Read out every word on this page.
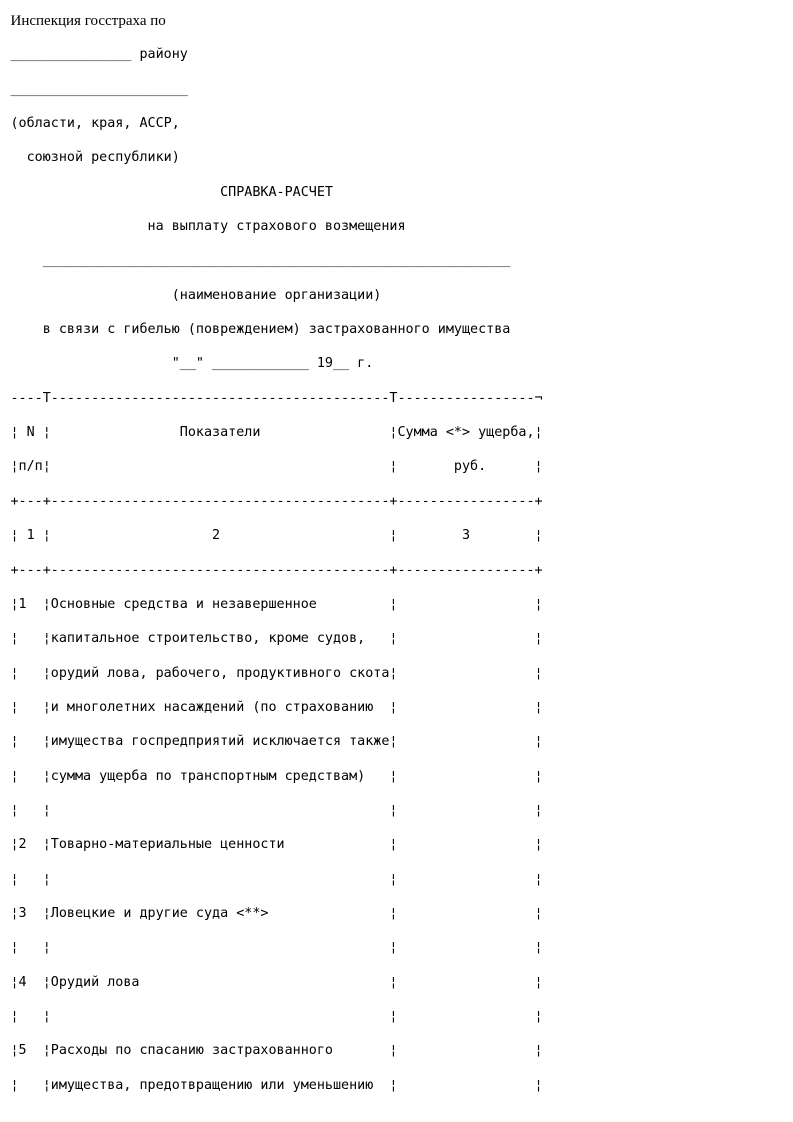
Инспекция госстраха по
_______________ району
______________________
(области, края, АССР,
союзной республики)
СПРАВКА-РАСЧЕТ
на выплату страхового возмещения
__________________________________________________________
(наименование организации)
в связи с гибелью (повреждением) застрахованного имущества
"__" ____________ 19__ г.
----Т------------------------------------------Т-----------------¬
¦ N ¦                Показатели                ¦Сумма <*> ущерба,¦
¦п/п¦                                          ¦       руб.      ¦
+---+------------------------------------------+-----------------+
¦ 1 ¦                    2                     ¦        3        ¦
+---+------------------------------------------+-----------------+
¦1  ¦Основные средства и незавершенное         ¦                 ¦
¦   ¦капитальное строительство, кроме судов,   ¦                 ¦
¦   ¦орудий лова, рабочего, продуктивного скота¦                 ¦
¦   ¦и многолетних насаждений (по страхованию  ¦                 ¦
¦   ¦имущества госпредприятий исключается также¦                 ¦
¦   ¦сумма ущерба по транспортным средствам)   ¦                 ¦
¦   ¦                                          ¦                 ¦
¦2  ¦Товарно-материальные ценности             ¦                 ¦
¦   ¦                                          ¦                 ¦
¦3  ¦Ловецкие и другие суда <**>               ¦                 ¦
¦   ¦                                          ¦                 ¦
¦4  ¦Орудий лова                               ¦                 ¦
¦   ¦                                          ¦                 ¦
¦5  ¦Расходы по спасанию застрахованного       ¦                 ¦
¦   ¦имущества, предотвращению или уменьшению  ¦                 ¦
